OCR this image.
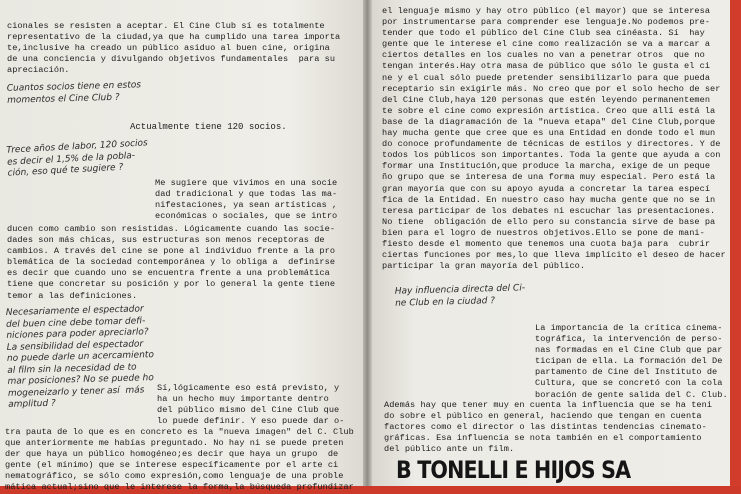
cionales se resisten a aceptar. El Cine Club sí es totalmente
representativo de la ciudad,ya que ha cumplido una tarea importa
te,inclusive ha creado un público asiduo al buen cine, origina
de una conciencia y divulgando objetivos fundamentales  para su
apreciación.

Cuantos socios tiene en estos
momentos el Cine Club ?

Actualmente tiene 120 socios.

Trece años de labor, 120 socios
es decir el 1,5% de la pobla-
ción, eso qué te sugiere ?

Me sugiere que vivimos en una socie
dad tradicional y que todas las ma-
nifestaciones, ya sean artísticas ,
económicas o sociales, que se intro

ducen como cambio son resistidas. Lógicamente cuando las socie-
dades son más chicas, sus estructuras son menos receptoras de
cambios. A través del cine se pone al individuo frente a la pro
blemática de la sociedad contemporánea y lo obliga a  definirse
es decir que cuando uno se encuentra frente a una problemática
tiene que concretar su posición y por lo general la gente tiene
temor a las definiciones.

Necesariamente el espectador
del buen cine debe tomar defi-
niciones para poder apreciarlo?
La sensibilidad del espectador
no puede darle un acercamiento
al film sin la necesidad de to
mar posiciones? No se puede ho
mogeneizarlo y tener así  más
amplitud ?

Sí,lógicamente eso está previsto, y
ha un hecho muy importante dentro
del público mismo del Cine Club que
lo puede definir. Y eso puede dar o-

tra pauta de lo que es en concreto es la "nueva imagen" del C. Club
que anteriormente me habías preguntado. No hay ni se puede preten
der que haya un público homogéneo;es decir que haya un grupo  de
gente (el mínimo) que se interese específicamente por el arte ci
nematográfico, se sólo como expresión,como lenguaje de una proble
mática actual;sino que le interese la forma,la búsqueda profundizar

el lenguaje mismo y hay otro público (el mayor) que se interesa
por instrumentarse para comprender ese lenguaje.No podemos pre-
tender que todo el público del Cine Club sea cinéasta. Sí  hay
gente que le interese el cine como realización se va a marcar a
ciertos detalles en los cuales no van a penetrar otros  que no
tengan interés.Hay otra masa de público que sólo le gusta el ci
ne y el cual sólo puede pretender sensibilizarlo para que pueda
receptario sin exigirle más. No creo que por el solo hecho de ser
del Cine Club,haya 120 personas que estén leyendo permanentemen
te sobre el cine como expresión artística. Creo que allí está la
base de la diagramación de la "nueva etapa" del Cine Club,porque
hay mucha gente que cree que es una Entidad en donde todo el mun
do conoce profundamente de técnicas de estilos y directores. Y de
todos los públicos son importantes. Toda la gente que ayuda a con
formar una Institución,que produce la marcha, exige de un peque
ño grupo que se interesa de una forma muy especial. Pero está la
gran mayoría que con su apoyo ayuda a concretar la tarea especí
fica de la Entidad. En nuestro caso hay mucha gente que no se in
teresa participar de los debates ni escuchar las presentaciones.
No tiene  obligación de ello pero su constancia sirve de base pa
bien para el logro de nuestros objetivos.Ello se pone de mani-
fiesto desde el momento que tenemos una cuota baja para  cubrir
ciertas funciones por mes,lo que lleva implícito el deseo de hacer
participar la gran mayoría del público.

Hay influencia directa del Ci-
ne Club en la ciudad ?

La importancia de la crítica cinema-
tográfica, la intervención de perso-
nas formadas en el Cine Club que par
ticipan de ella. La formación del De
partamento de Cine del Instituto de
Cultura, que se concretó con la cola
boración de gente salida del C. Club.

Además hay que tener muy en cuenta la influencia que se ha teni
do sobre el público en general, haciendo que tengan en cuenta
factores como el director o las distintas tendencias cinemato-
gráficas. Esa influencia se nota también en el comportamiento
del público ante un film.

B TONELLI E HIJOS SA
